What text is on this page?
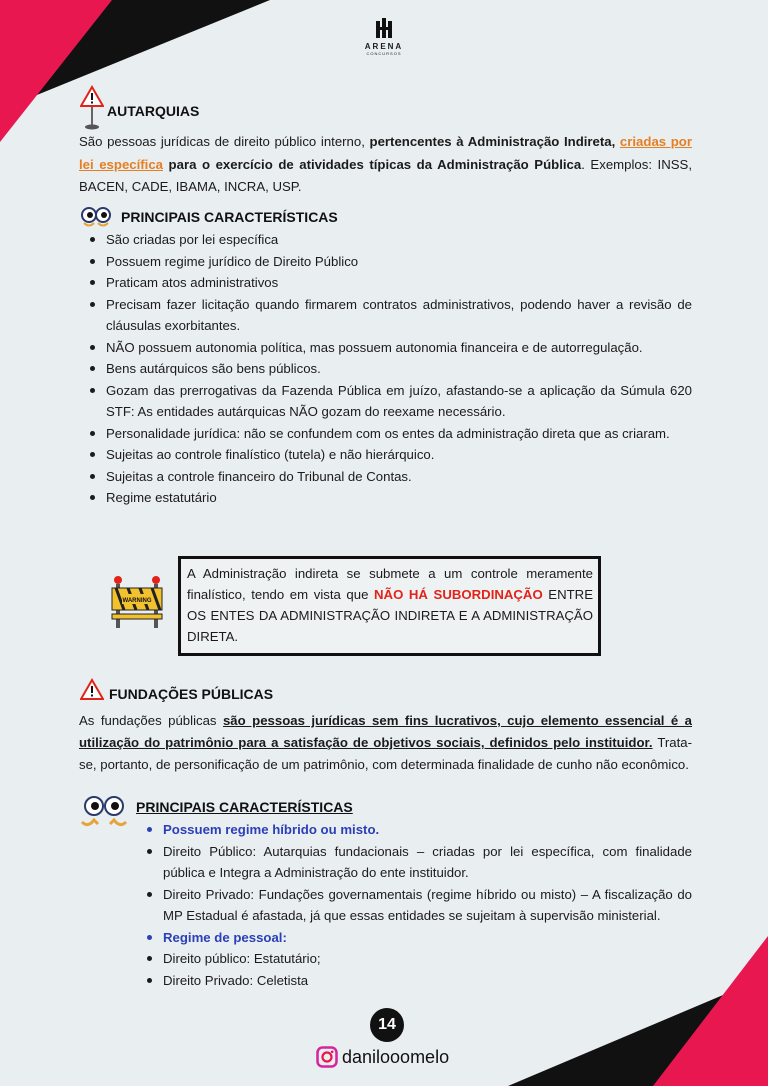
ARENA
CONCURSOS
AUTARQUIAS
São pessoas jurídicas de direito público interno, pertencentes à Administração Indireta, criadas por lei específica para o exercício de atividades típicas da Administração Pública. Exemplos: INSS, BACEN, CADE, IBAMA, INCRA, USP.
PRINCIPAIS CARACTERÍSTICAS
São criadas por lei específica
Possuem regime jurídico de Direito Público
Praticam atos administrativos
Precisam fazer licitação quando firmarem contratos administrativos, podendo haver a revisão de cláusulas exorbitantes.
NÃO possuem autonomia política, mas possuem autonomia financeira e de autorregulação.
Bens autárquicos são bens públicos.
Gozam das prerrogativas da Fazenda Pública em juízo, afastando-se a aplicação da Súmula 620 STF: As entidades autárquicas NÃO gozam do reexame necessário.
Personalidade jurídica: não se confundem com os entes da administração direta que as criaram.
Sujeitas ao controle finalístico (tutela) e não hierárquico.
Sujeitas a controle financeiro do Tribunal de Contas.
Regime estatutário
WARNING
A Administração indireta se submete a um controle meramente finalístico, tendo em vista que NÃO HÁ SUBORDINAÇÃO ENTRE OS ENTES DA ADMINISTRAÇÃO INDIRETA E A ADMINISTRAÇÃO DIRETA.
FUNDAÇÕES PÚBLICAS
As fundações públicas são pessoas jurídicas sem fins lucrativos, cujo elemento essencial é a utilização do patrimônio para a satisfação de objetivos sociais, definidos pelo instituidor. Trata-se, portanto, de personificação de um patrimônio, com determinada finalidade de cunho não econômico.
PRINCIPAIS CARACTERÍSTICAS
Possuem regime híbrido ou misto.
Direito Público: Autarquias fundacionais – criadas por lei específica, com finalidade pública e Integra a Administração do ente instituidor.
Direito Privado: Fundações governamentais (regime híbrido ou misto) – A fiscalização do MP Estadual é afastada, já que essas entidades se sujeitam à supervisão ministerial.
Regime de pessoal:
Direito público: Estatutário;
Direito Privado: Celetista
14
danilooomelo
